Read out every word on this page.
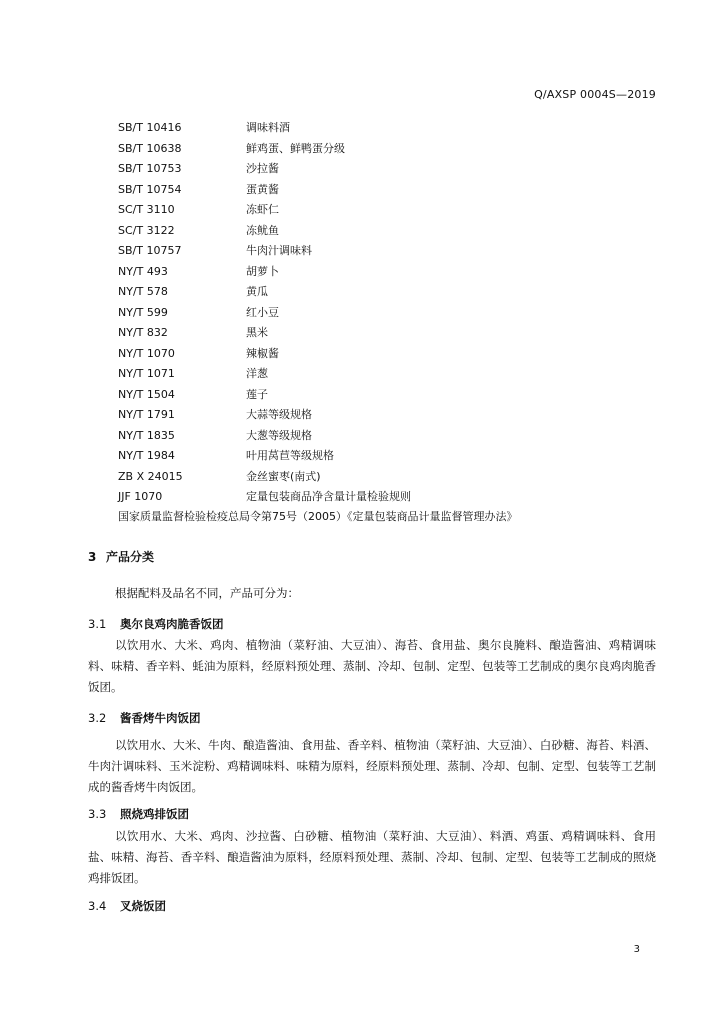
Q/AXSP 0004S—2019
SB/T 10416	调味料酒
SB/T 10638	鲜鸡蛋、鲜鸭蛋分级
SB/T 10753	沙拉酱
SB/T 10754	蛋黄酱
SC/T 3110	冻虾仁
SC/T 3122	冻鱿鱼
SB/T 10757	牛肉汁调味料
NY/T 493	胡萝卜
NY/T 578	黄瓜
NY/T 599	红小豆
NY/T 832	黑米
NY/T 1070	辣椒酱
NY/T 1071	洋葱
NY/T 1504	莲子
NY/T 1791	大蒜等级规格
NY/T 1835	大葱等级规格
NY/T 1984	叶用莴苣等级规格
ZB X 24015	金丝蜜枣(南式)
JJF 1070	定量包装商品净含量计量检验规则
国家质量监督检验检疫总局令第75号（2005）《定量包装商品计量监督管理办法》
3 产品分类
根据配料及品名不同，产品可分为：
3.1 奥尔良鸡肉脆香饭团
以饮用水、大米、鸡肉、植物油（菜籽油、大豆油）、海苔、食用盐、奥尔良腌料、酿造酱油、鸡精调味料、味精、香辛料、蚝油为原料，经原料预处理、蒸制、冷却、包制、定型、包装等工艺制成的奥尔良鸡肉脆香饭团。
3.2 酱香烤牛肉饭团
以饮用水、大米、牛肉、酿造酱油、食用盐、香辛料、植物油（菜籽油、大豆油）、白砂糖、海苔、料酒、牛肉汁调味料、玉米淀粉、鸡精调味料、味精为原料，经原料预处理、蒸制、冷却、包制、定型、包装等工艺制成的酱香烤牛肉饭团。
3.3 照烧鸡排饭团
以饮用水、大米、鸡肉、沙拉酱、白砂糖、植物油（菜籽油、大豆油）、料酒、鸡蛋、鸡精调味料、食用盐、味精、海苔、香辛料、酿造酱油为原料，经原料预处理、蒸制、冷却、包制、定型、包装等工艺制成的照烧鸡排饭团。
3.4 叉烧饭团
3
